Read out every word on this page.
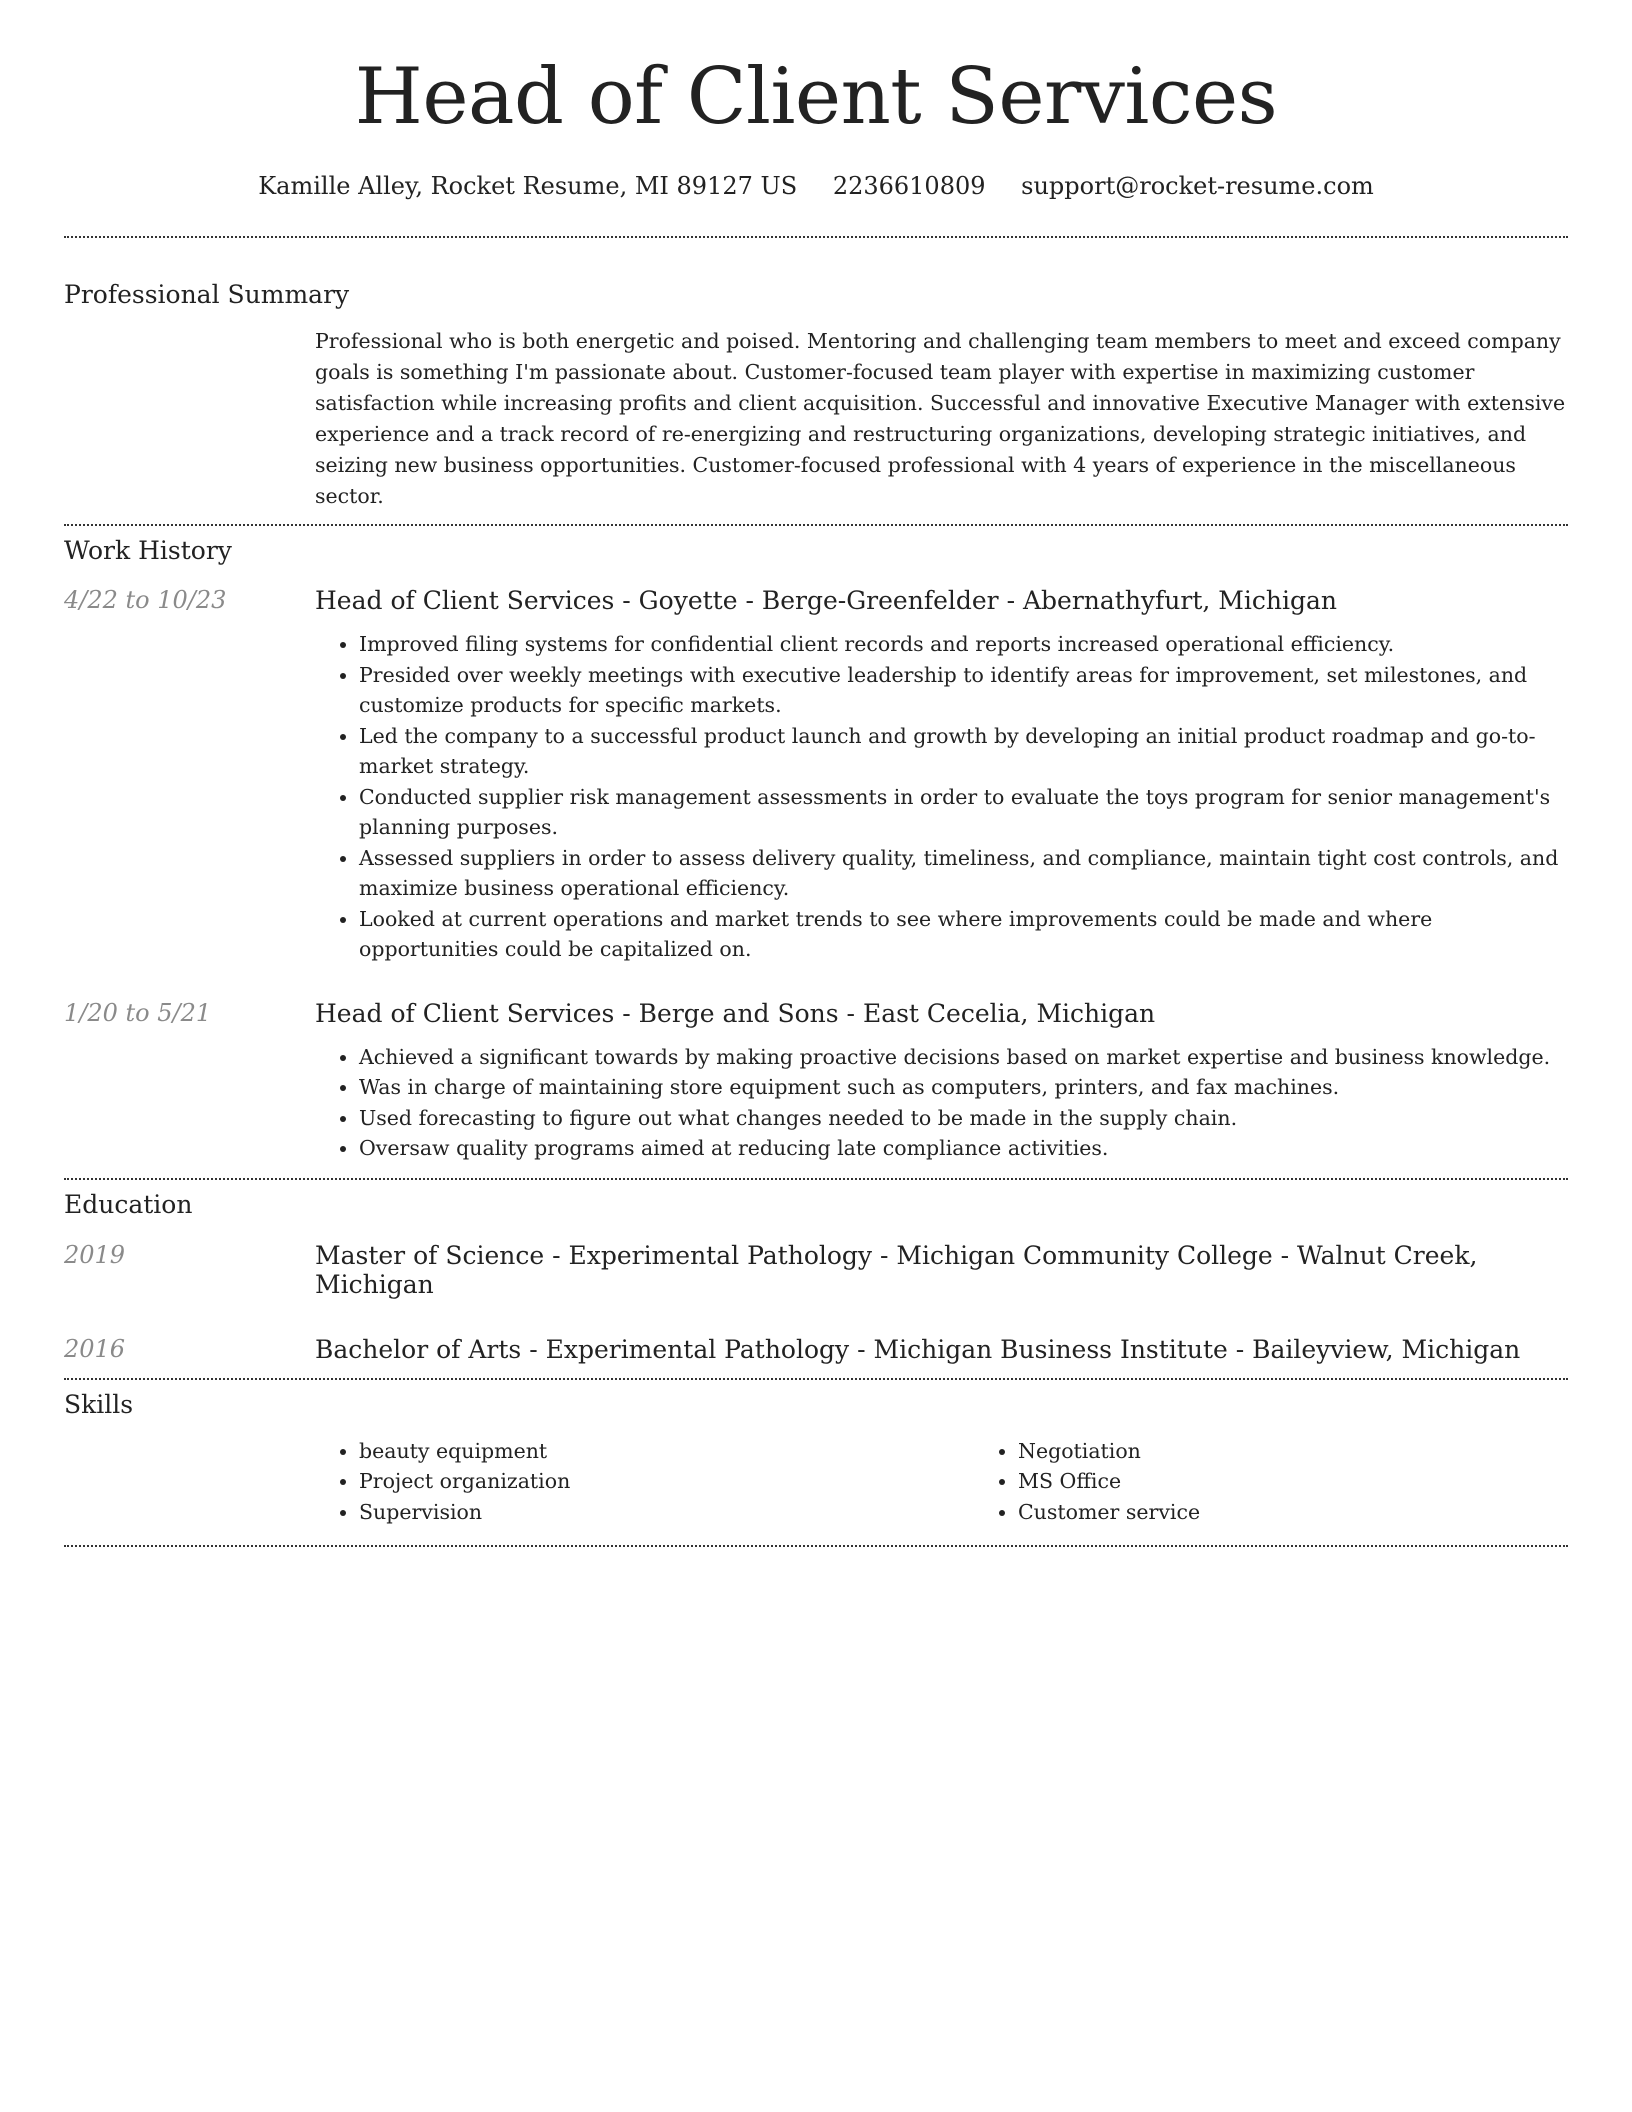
Head of Client Services
Kamille Alley, Rocket Resume, MI 89127 US 2236610809 support@rocket-resume.com
Professional Summary

Professional who is both energetic and poised. Mentoring and challenging team members to meet and exceed company goals is something I'm passionate about. Customer-focused team player with expertise in maximizing customer satisfaction while increasing profits and client acquisition. Successful and innovative Executive Manager with extensive experience and a track record of re-energizing and restructuring organizations, developing strategic initiatives, and seizing new business opportunities. Customer-focused professional with 4 years of experience in the miscellaneous sector.

Work History
4/22 to 10/23	Head of Client Services - Goyette - Berge-Greenfelder - Abernathyfurt, Michigan
• Improved filing systems for confidential client records and reports increased operational efficiency.
• Presided over weekly meetings with executive leadership to identify areas for improvement, set milestones, and customize products for specific markets.
• Led the company to a successful product launch and growth by developing an initial product roadmap and go-to-market strategy.
• Conducted supplier risk management assessments in order to evaluate the toys program for senior management's planning purposes.
• Assessed suppliers in order to assess delivery quality, timeliness, and compliance, maintain tight cost controls, and maximize business operational efficiency.
• Looked at current operations and market trends to see where improvements could be made and where opportunities could be capitalized on.
1/20 to 5/21	Head of Client Services - Berge and Sons - East Cecelia, Michigan
• Achieved a significant towards by making proactive decisions based on market expertise and business knowledge.
• Was in charge of maintaining store equipment such as computers, printers, and fax machines.
• Used forecasting to figure out what changes needed to be made in the supply chain.
• Oversaw quality programs aimed at reducing late compliance activities.
Education
2019	Master of Science - Experimental Pathology - Michigan Community College - Walnut Creek, Michigan
2016	Bachelor of Arts - Experimental Pathology - Michigan Business Institute - Baileyview, Michigan
Skills
• beauty equipment
• Project organization
• Supervision
• Negotiation
• MS Office
• Customer service
